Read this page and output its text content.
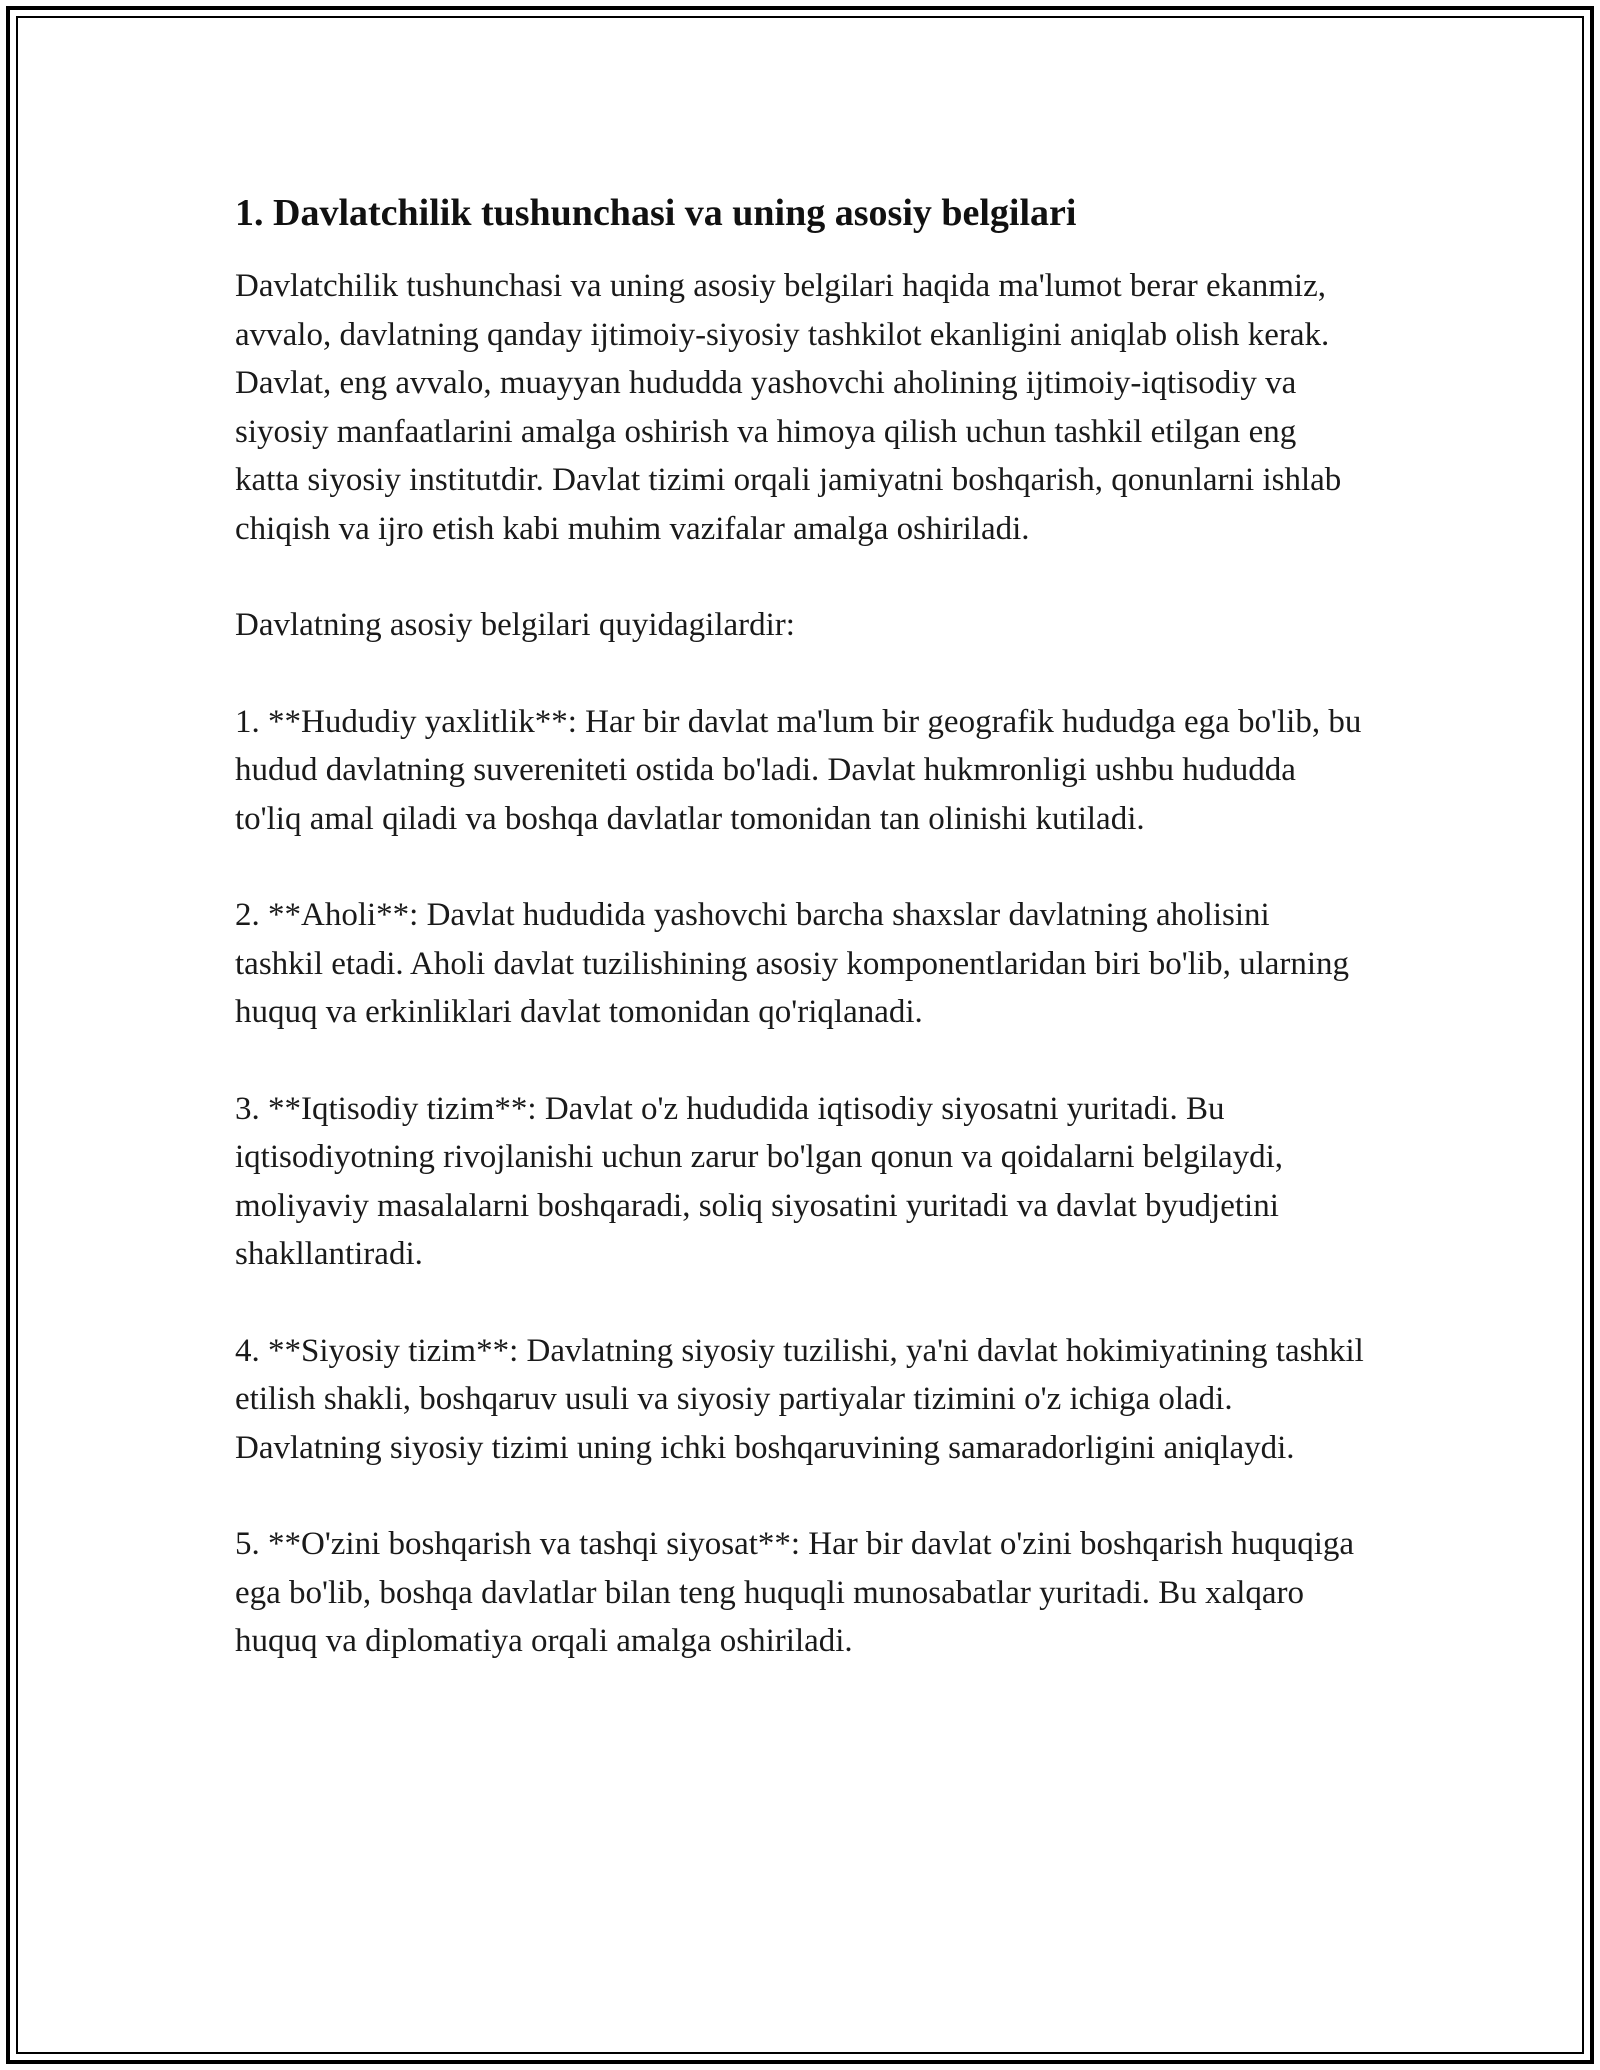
1. Davlatchilik tushunchasi va uning asosiy belgilari

Davlatchilik tushunchasi va uning asosiy belgilari haqida ma'lumot berar ekanmiz, avvalo, davlatning qanday ijtimoiy-siyosiy tashkilot ekanligini aniqlab olish kerak. Davlat, eng avvalo, muayyan hududda yashovchi aholining ijtimoiy-iqtisodiy va siyosiy manfaatlarini amalga oshirish va himoya qilish uchun tashkil etilgan eng katta siyosiy institutdir. Davlat tizimi orqali jamiyatni boshqarish, qonunlarni ishlab chiqish va ijro etish kabi muhim vazifalar amalga oshiriladi.

Davlatning asosiy belgilari quyidagilardir:

1. **Hududiy yaxlitlik**: Har bir davlat ma'lum bir geografik hududga ega bo'lib, bu hudud davlatning suvereniteti ostida bo'ladi. Davlat hukmronligi ushbu hududda to'liq amal qiladi va boshqa davlatlar tomonidan tan olinishi kutiladi.

2. **Aholi**: Davlat hududida yashovchi barcha shaxslar davlatning aholisini tashkil etadi. Aholi davlat tuzilishining asosiy komponentlaridan biri bo'lib, ularning huquq va erkinliklari davlat tomonidan qo'riqlanadi.

3. **Iqtisodiy tizim**: Davlat o'z hududida iqtisodiy siyosatni yuritadi. Bu iqtisodiyotning rivojlanishi uchun zarur bo'lgan qonun va qoidalarni belgilaydi, moliyaviy masalalarni boshqaradi, soliq siyosatini yuritadi va davlat byudjetini shakllantiradi.

4. **Siyosiy tizim**: Davlatning siyosiy tuzilishi, ya'ni davlat hokimiyatining tashkil etilish shakli, boshqaruv usuli va siyosiy partiyalar tizimini o'z ichiga oladi. Davlatning siyosiy tizimi uning ichki boshqaruvining samaradorligini aniqlaydi.

5. **O'zini boshqarish va tashqi siyosat**: Har bir davlat o'zini boshqarish huquqiga ega bo'lib, boshqa davlatlar bilan teng huquqli munosabatlar yuritadi. Bu xalqaro huquq va diplomatiya orqali amalga oshiriladi.
